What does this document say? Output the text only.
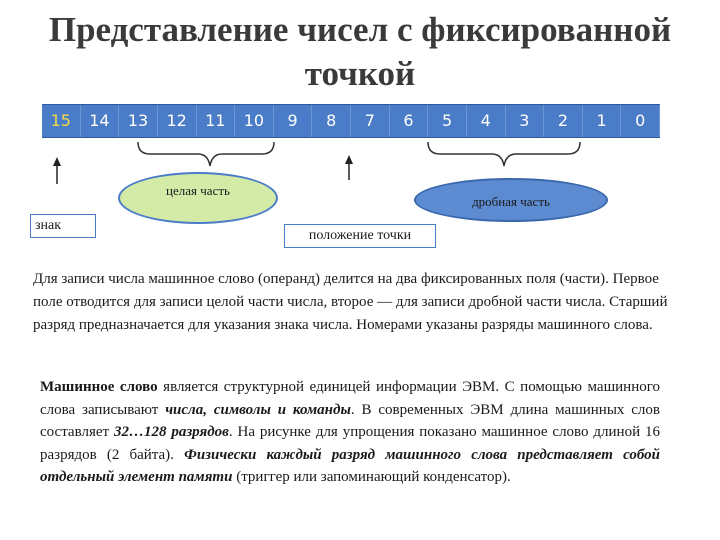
Представление чисел с фиксированной
точкой
15	14	13	12	11	10	9	8	7	6	5	4	3	2	1	0
целая часть
дробная часть
знак
положение точки
Для записи числа машинное слово (операнд) делится на два фиксированных поля (части). Первое поле отводится для записи целой части числа, второе — для записи дробной части числа. Старший разряд предназначается для указания знака числа. Номерами указаны разряды машинного слова.
Машинное слово является структурной единицей информации ЭВМ. С помощью машинного слова записывают числа, символы и команды. В современных ЭВМ длина машинных слов составляет 32…128 разрядов. На рисунке для упрощения показано машинное слово длиной 16 разрядов (2 байта). Физически каждый разряд машинного слова представляет собой отдельный элемент памяти (триггер или запоминающий конденсатор).
